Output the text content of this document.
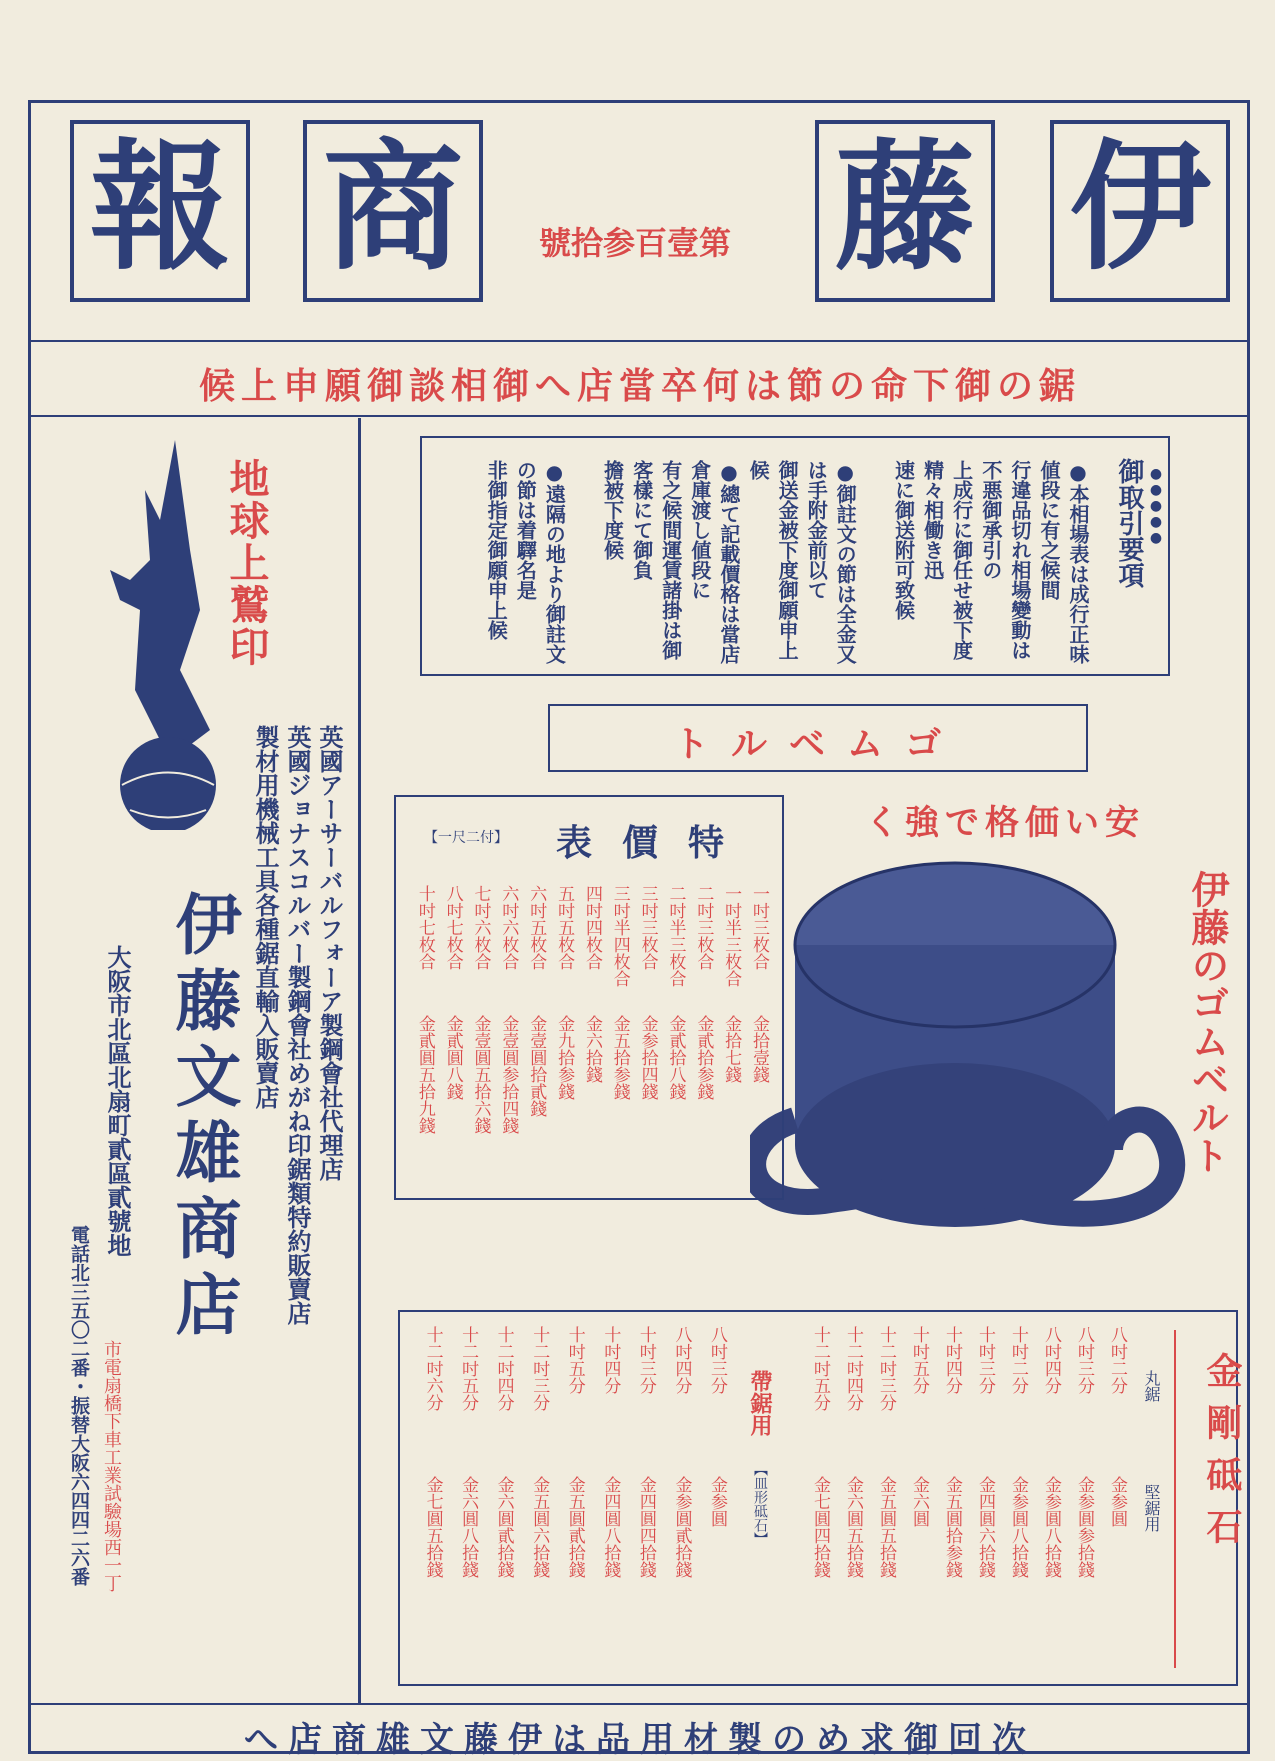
伊
藤
商
報	第壹百参拾號
鋸の御下命の節は何卒當店へ御相談御願申上候
地球上鷲印
英國アーサーバルフォーア製鋼會社代理店
英國ジョナスコルバー製鋼會社めがね印鋸類特約販賣店
製材用機械工具各種鋸直輸入販賣店
伊藤文雄商店
大阪市北區北扇町貳區貳號地
電話北三五〇二番・振替大阪六四四二六番 市電扇橋下車工業試驗場西一丁
御取引要項 ●●●●●
●本相場表は成行正味値段に有之候間
行違品切れ相場變動は不悪御承引の
上成行に御任せ被下度精々相働き迅
速に御送附可致候
●御註文の節は全金又は手附金前以て
御送金被下度御願申上候
●總て記載價格は當店倉庫渡し値段に
有之候間運賃諸掛は御客樣にて御負
擔被下度候
●遠隔の地より御註文の節は着驛名是
非御指定御願申上候
ゴムベルト
安い価格で強く
伊藤のゴムベルト
特價表
【付二尺一】
一吋三枚合
金拾壹錢
一吋半三枚合
金拾七錢
二吋三枚合
金貳拾参錢
二吋半三枚合
金貳拾八錢
三吋三枚合
金参拾四錢
三吋半四枚合
金五拾参錢
四吋四枚合
金六拾錢
五吋五枚合
金九拾参錢
六吋五枚合
金壹圓拾貳錢
六吋六枚合
金壹圓参拾四錢
七吋六枚合
金壹圓五拾六錢
八吋七枚合
金貳圓八錢
十吋七枚合
金貳圓五拾九錢
金剛砥石
丸鋸
堅鋸用
八吋二分
金参圓
八吋三分
金参圓参拾錢
八吋四分
金参圓八拾錢
十吋二分
金参圓八拾錢
十吋三分
金四圓六拾錢
十吋四分
金五圓拾参錢
十吋五分
金六圓
十二吋三分
金五圓五拾錢
十二吋四分
金六圓五拾錢
十二吋五分
金七圓四拾錢
帶鋸用
【皿形砥石】
八吋三分
金参圓
八吋四分
金参圓貳拾錢
十吋三分
金四圓四拾錢
十吋四分
金四圓八拾錢
十吋五分
金五圓貳拾錢
十二吋三分
金五圓六拾錢
十二吋四分
金六圓貳拾錢
十二吋五分
金六圓八拾錢
十二吋六分
金七圓五拾錢
次回御求めの製材用品は伊藤文雄商店へ
